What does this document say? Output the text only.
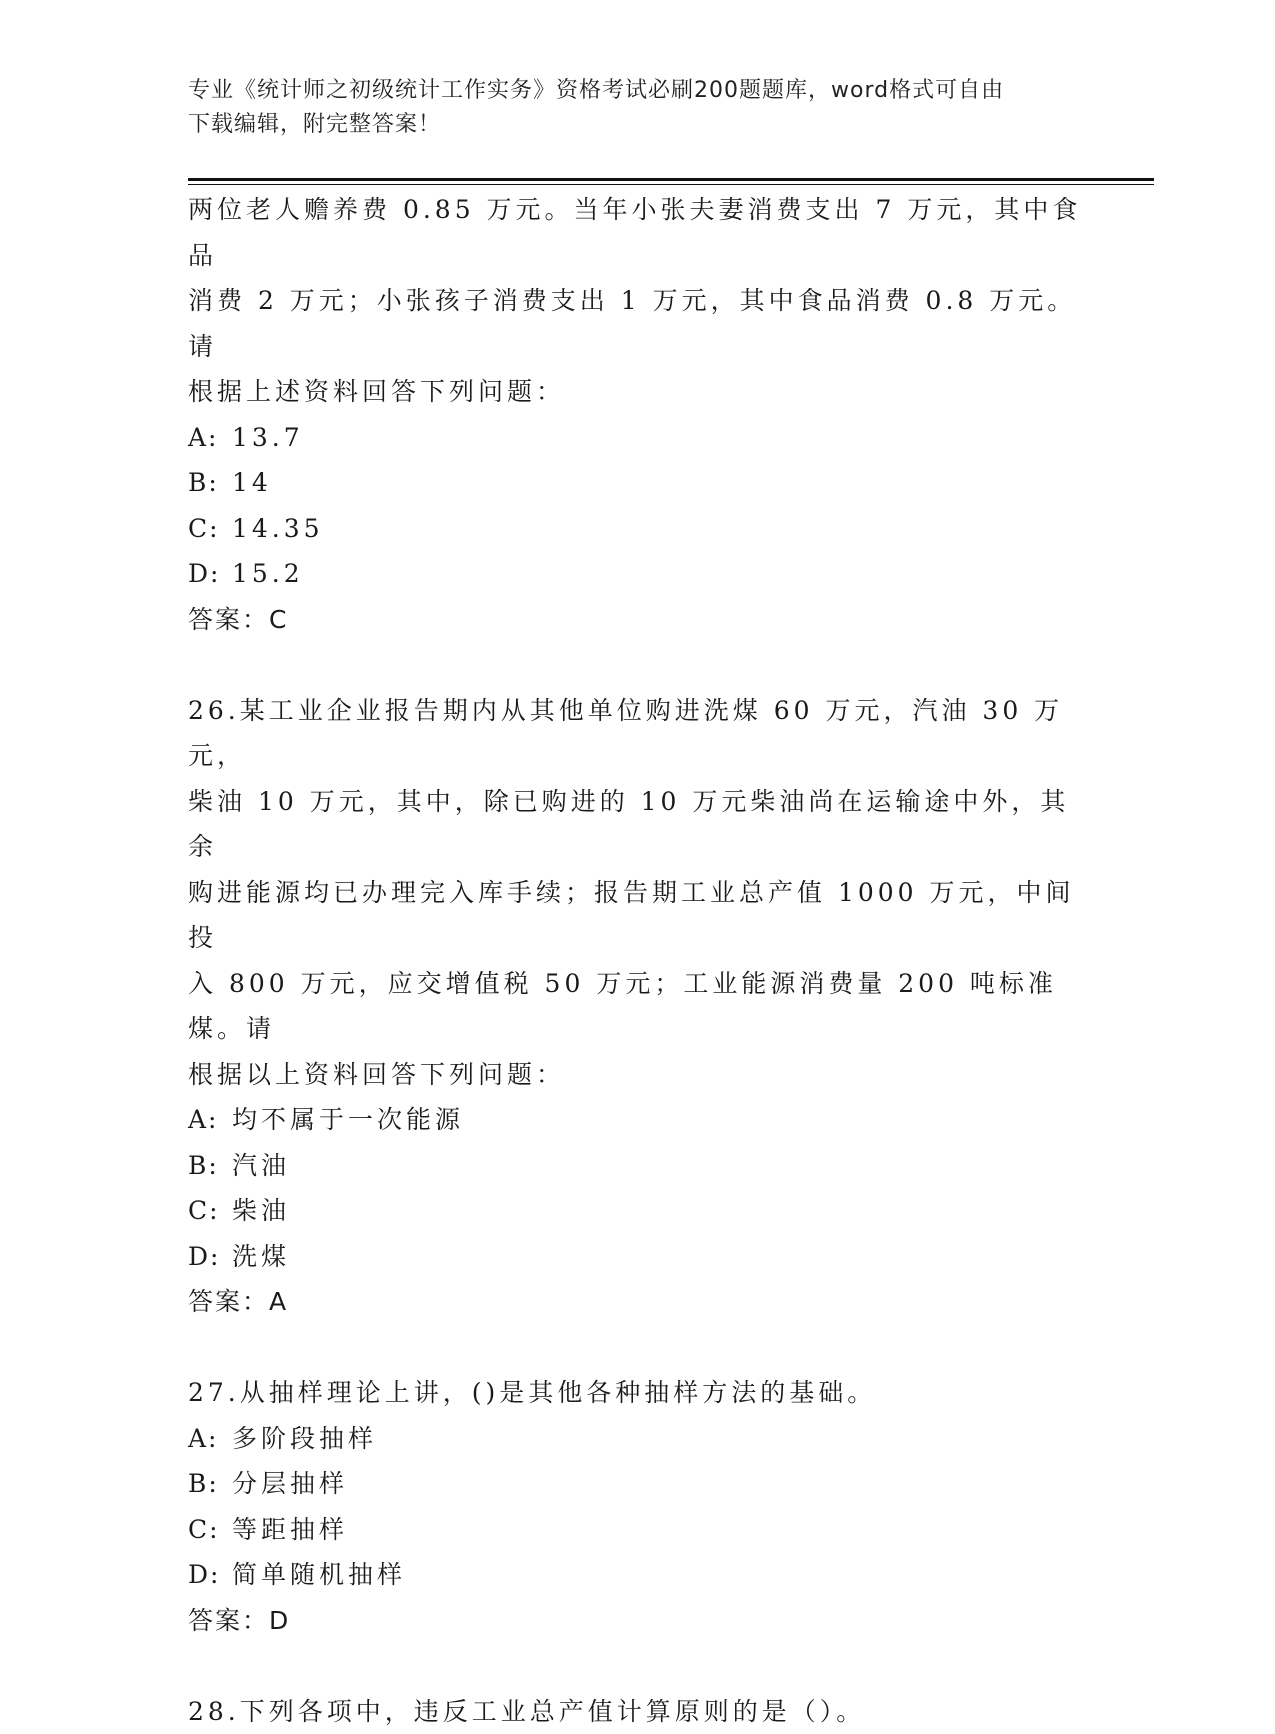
专业《统计师之初级统计工作实务》资格考试必刷200题题库，word格式可自由
下载编辑，附完整答案！

两位老人赡养费 0.85 万元。当年小张夫妻消费支出 7 万元，其中食品

消费 2 万元；小张孩子消费支出 1 万元，其中食品消费 0.8 万元。请

根据上述资料回答下列问题：

A: 13.7

B: 14

C: 14.35

D: 15.2

答案：C

26.某工业企业报告期内从其他单位购进洗煤 60 万元，汽油 30 万元，

柴油 10 万元，其中，除已购进的 10 万元柴油尚在运输途中外，其余

购进能源均已办理完入库手续；报告期工业总产值 1000 万元，中间投

入 800 万元，应交增值税 50 万元；工业能源消费量 200 吨标准煤。请

根据以上资料回答下列问题：

A: 均不属于一次能源

B: 汽油

C: 柴油

D: 洗煤

答案：A

27.从抽样理论上讲，()是其他各种抽样方法的基础。

A: 多阶段抽样

B: 分层抽样

C: 等距抽样

D: 简单随机抽样

答案：D

28.下列各项中，违反工业总产值计算原则的是（）。
